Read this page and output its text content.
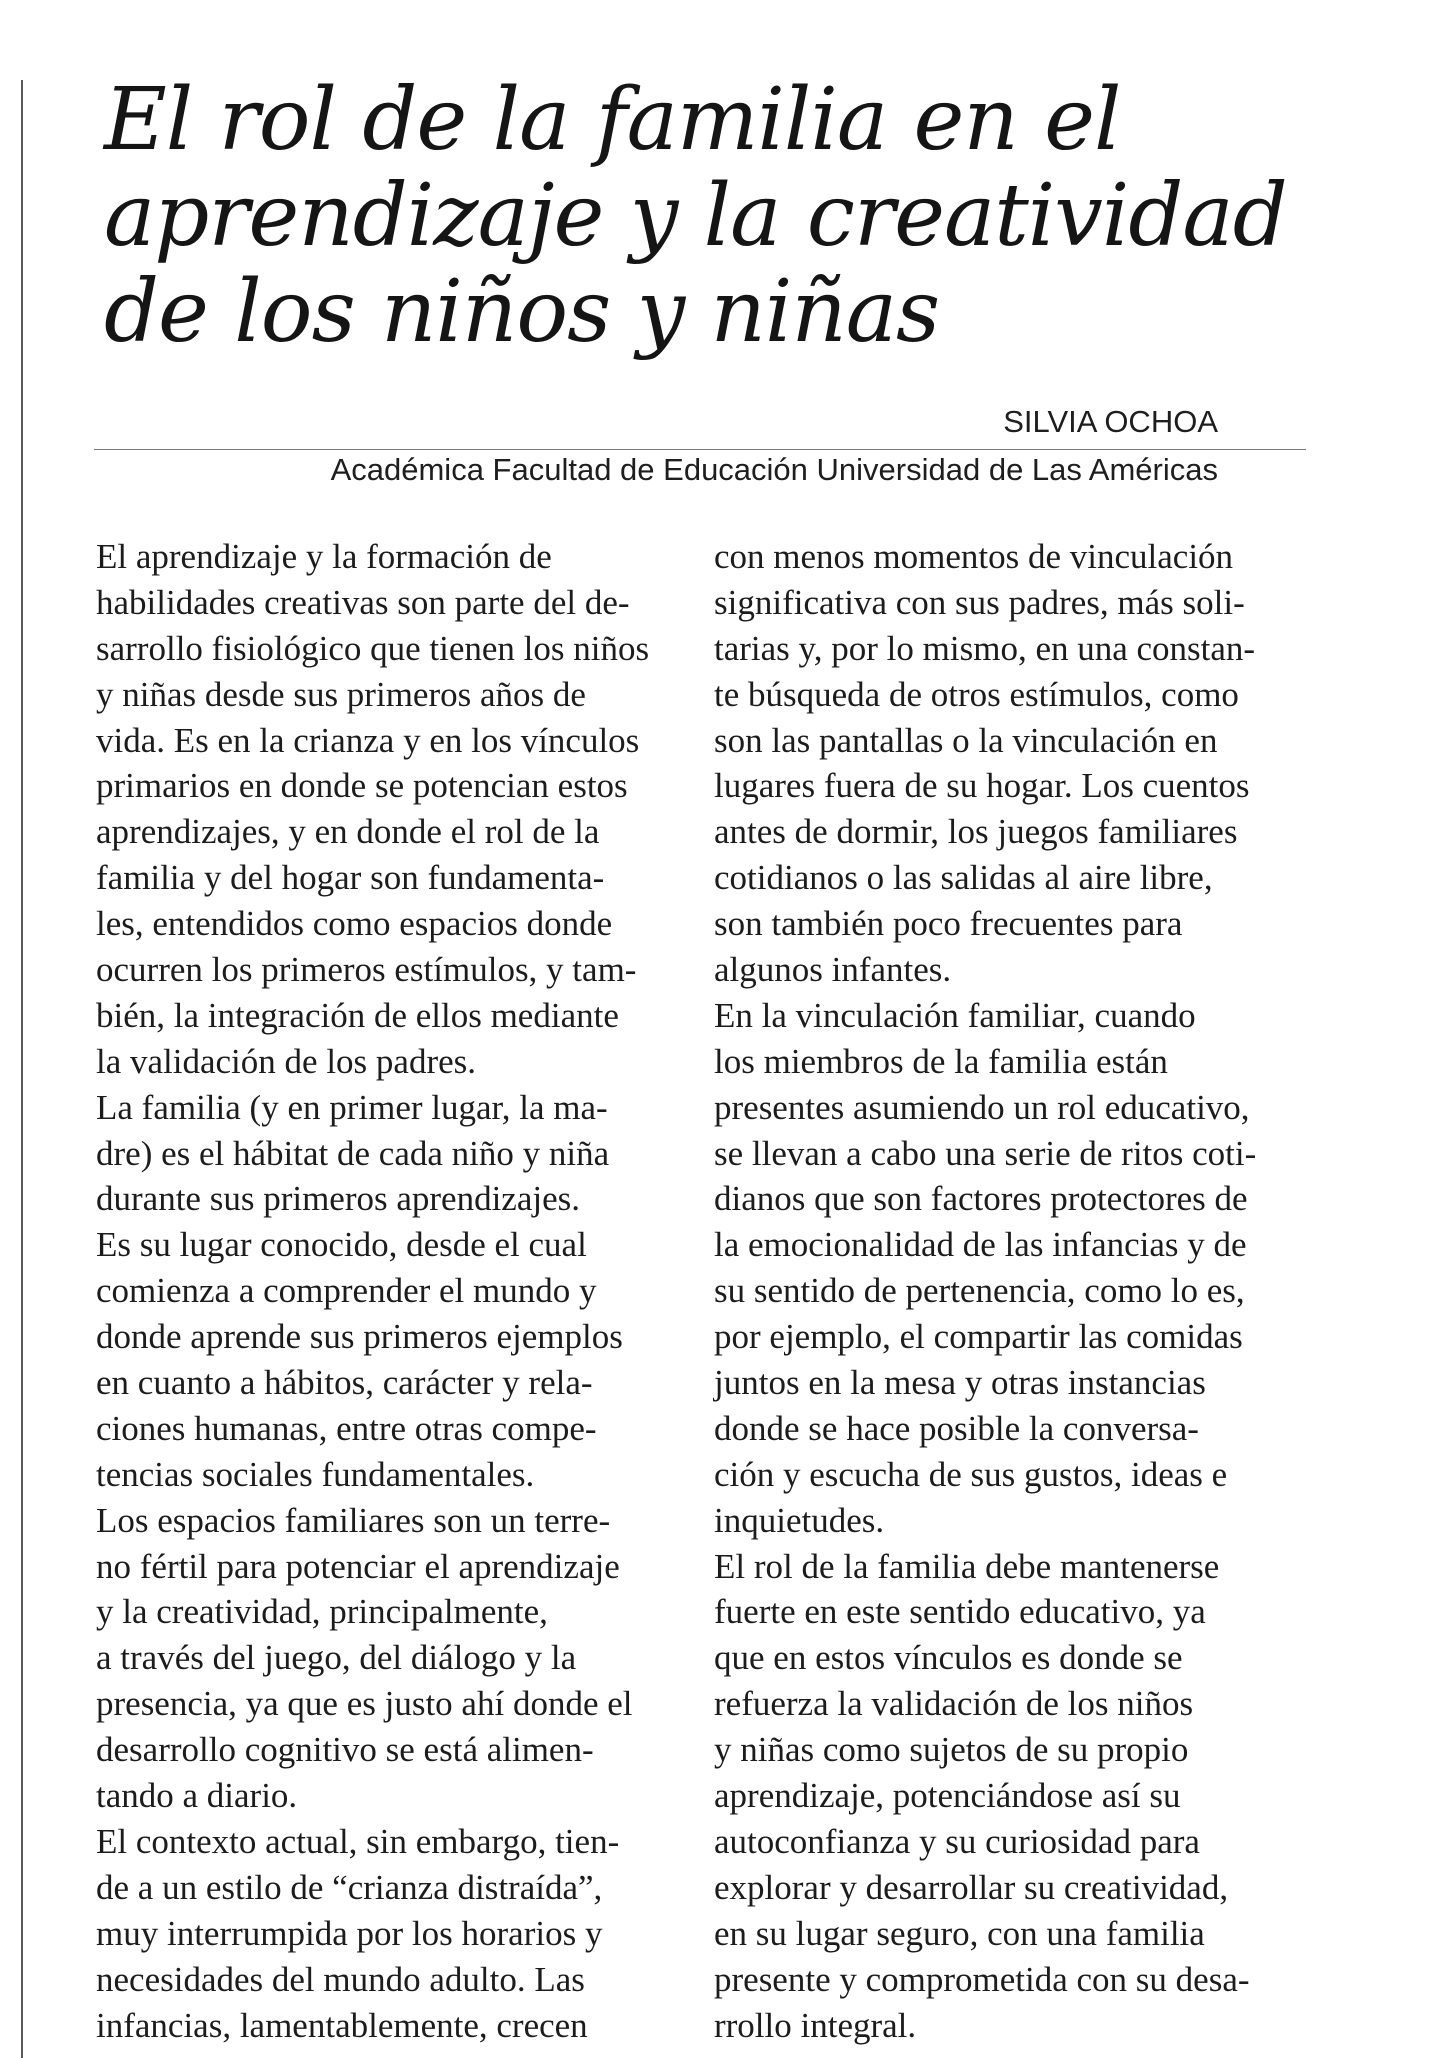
El rol de la familia en el
aprendizaje y la creatividad
de los niños y niñas
SILVIA OCHOA
Académica Facultad de Educación Universidad de Las Américas
El aprendizaje y la formación de
habilidades creativas son parte del de-
sarrollo fisiológico que tienen los niños
y niñas desde sus primeros años de
vida. Es en la crianza y en los vínculos
primarios en donde se potencian estos
aprendizajes, y en donde el rol de la
familia y del hogar son fundamenta-
les, entendidos como espacios donde
ocurren los primeros estímulos, y tam-
bién, la integración de ellos mediante
la validación de los padres.
La familia (y en primer lugar, la ma-
dre) es el hábitat de cada niño y niña
durante sus primeros aprendizajes.
Es su lugar conocido, desde el cual
comienza a comprender el mundo y
donde aprende sus primeros ejemplos
en cuanto a hábitos, carácter y rela-
ciones humanas, entre otras compe-
tencias sociales fundamentales.
Los espacios familiares son un terre-
no fértil para potenciar el aprendizaje
y la creatividad, principalmente,
a través del juego, del diálogo y la
presencia, ya que es justo ahí donde el
desarrollo cognitivo se está alimen-
tando a diario.
El contexto actual, sin embargo, tien-
de a un estilo de “crianza distraída”,
muy interrumpida por los horarios y
necesidades del mundo adulto. Las
infancias, lamentablemente, crecen
con menos momentos de vinculación
significativa con sus padres, más soli-
tarias y, por lo mismo, en una constan-
te búsqueda de otros estímulos, como
son las pantallas o la vinculación en
lugares fuera de su hogar. Los cuentos
antes de dormir, los juegos familiares
cotidianos o las salidas al aire libre,
son también poco frecuentes para
algunos infantes.
En la vinculación familiar, cuando
los miembros de la familia están
presentes asumiendo un rol educativo,
se llevan a cabo una serie de ritos coti-
dianos que son factores protectores de
la emocionalidad de las infancias y de
su sentido de pertenencia, como lo es,
por ejemplo, el compartir las comidas
juntos en la mesa y otras instancias
donde se hace posible la conversa-
ción y escucha de sus gustos, ideas e
inquietudes.
El rol de la familia debe mantenerse
fuerte en este sentido educativo, ya
que en estos vínculos es donde se
refuerza la validación de los niños
y niñas como sujetos de su propio
aprendizaje, potenciándose así su
autoconfianza y su curiosidad para
explorar y desarrollar su creatividad,
en su lugar seguro, con una familia
presente y comprometida con su desa-
rrollo integral.
